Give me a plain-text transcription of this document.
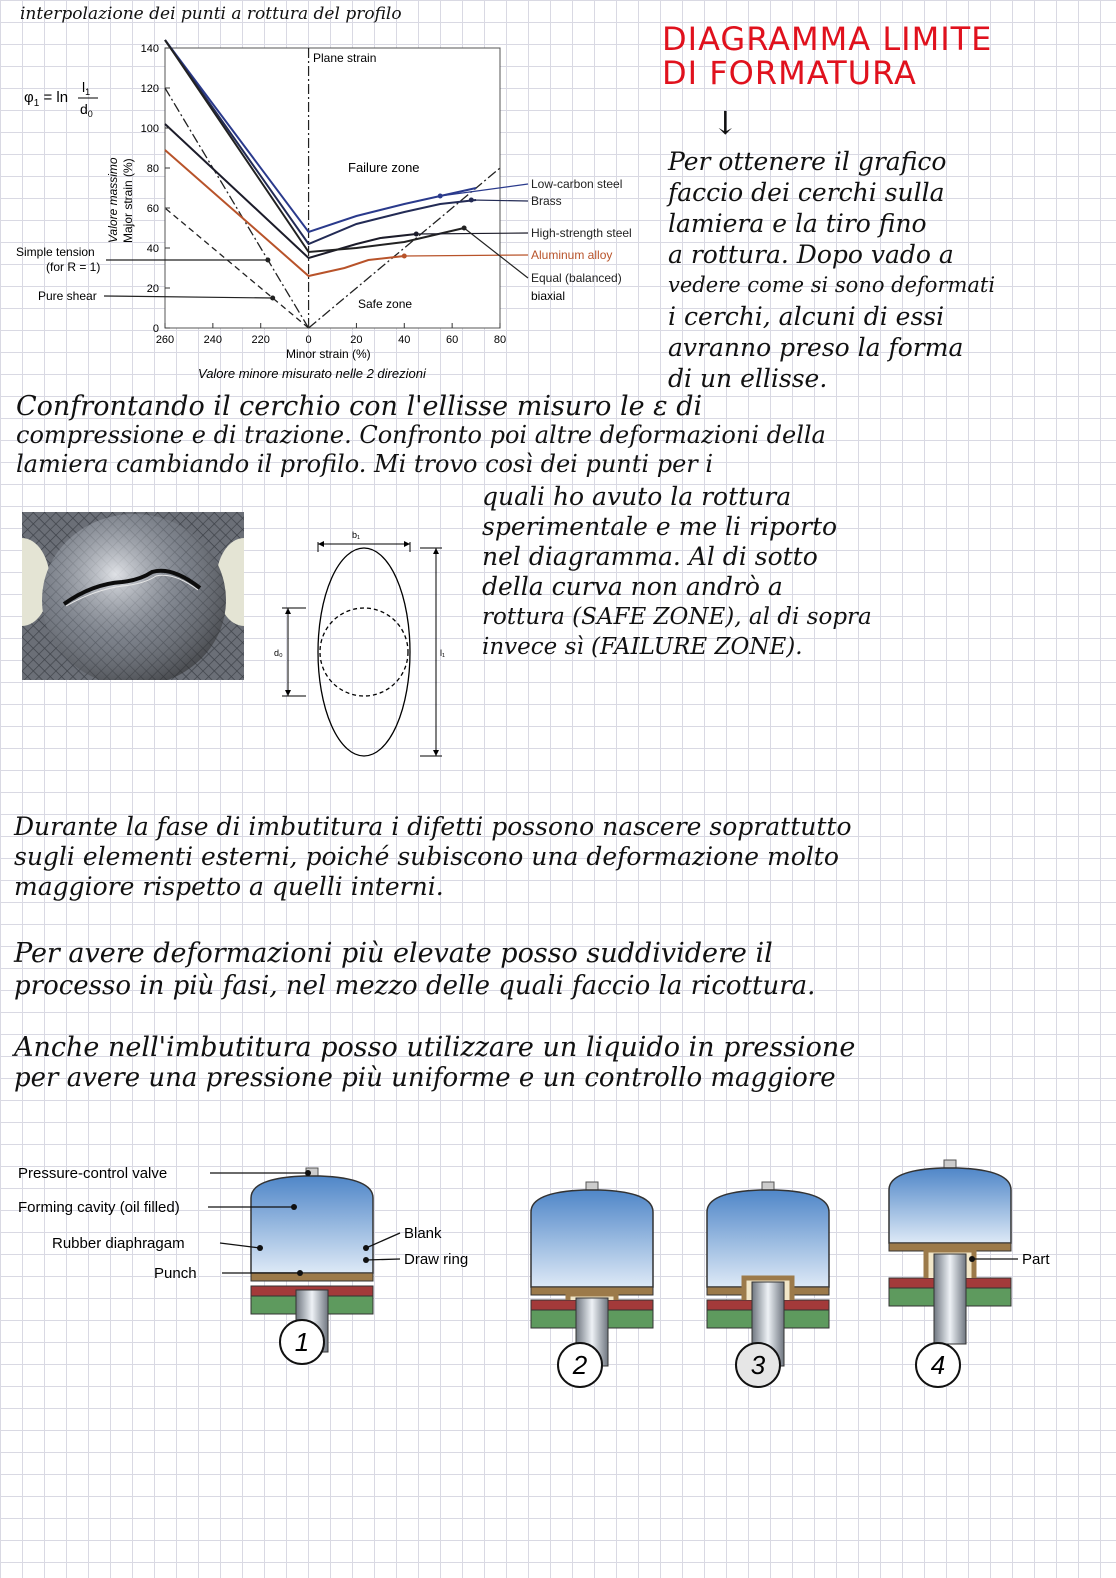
interpolazione dei punti a rottura del profilo

DIAGRAMMA LIMITE

DI FORMATURA

↓

$\varphi_1 = \ln$
$l_1$
$d_0$
260	240	220	0	20	40	60	80
0
20
40
60
80
100
120
140
Low-carbon steel
Brass
High-strength steel
Aluminum alloy
Equal (balanced)
biaxial
Major strain (%)
Valore massimo
Minor strain (%)
Valore minore misurato nelle 2 direzioni
Plane strain
Failure zone
Safe zone
Simple tension
(for R = 1)
Pure shear

Per ottenere il grafico

faccio dei cerchi sulla

lamiera e la tiro fino

a rottura. Dopo vado a

vedere come si sono deformati

i cerchi, alcuni di essi

avranno preso la forma

di un ellisse.

Confrontando il cerchio con l'ellisse misuro le ε di

compressione e di trazione. Confronto poi altre deformazioni della

lamiera cambiando il profilo. Mi trovo così dei punti per i

quali ho avuto la rottura

sperimentale e me li riporto

nel diagramma. Al di sotto

della curva non andrò a

rottura (SAFE ZONE), al di sopra

invece sì (FAILURE ZONE).

b₁
d₀	l₁

Durante la fase di imbutitura i difetti possono nascere soprattutto

sugli elementi esterni, poiché subiscono una deformazione molto

maggiore rispetto a quelli interni.

Per avere deformazioni più elevate posso suddividere il

processo in più fasi, nel mezzo delle quali faccio la ricottura.

Anche nell'imbutitura posso utilizzare un liquido in pressione

per avere una pressione più uniforme e un controllo maggiore

Pressure-control valve
Forming cavity (oil filled)
Rubber diaphragam
Punch
Blank
Draw ring	Part
1
2	3	4
